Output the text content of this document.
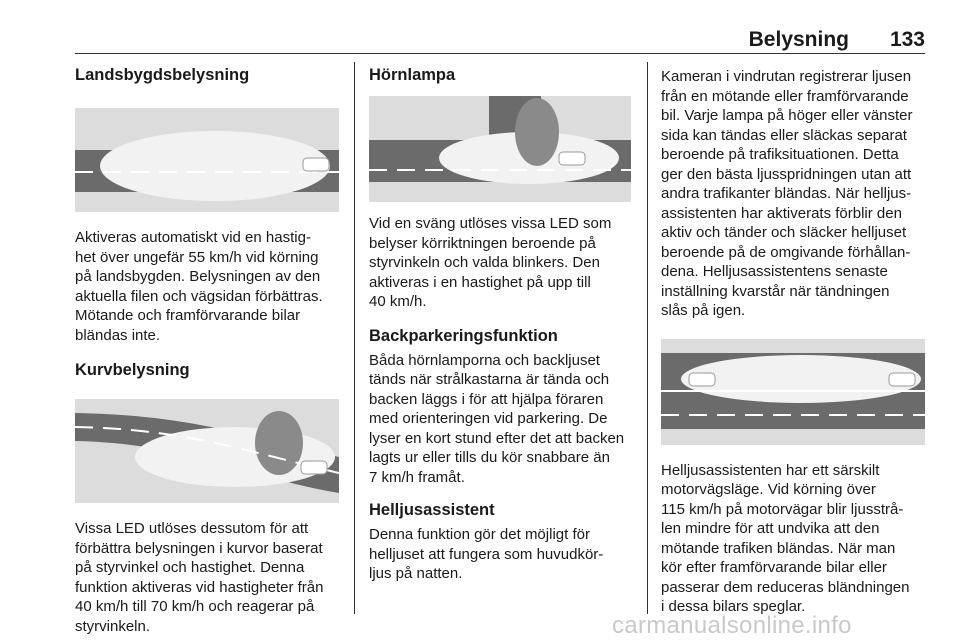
Belysning 133
Landsbygdsbelysning

Aktiveras automatiskt vid en hastig-
het över ungefär 55 km/h vid körning
på landsbygden. Belysningen av den
aktuella filen och vägsidan förbättras.
Mötande och framförvarande bilar
bländas inte.

Kurvbelysning

Vissa LED utlöses dessutom för att
förbättra belysningen i kurvor baserat
på styrvinkel och hastighet. Denna
funktion aktiveras vid hastigheter från
40 km/h till 70 km/h och reagerar på
styrvinkeln.

Hörnlampa

Vid en sväng utlöses vissa LED som
belyser körriktningen beroende på
styrvinkeln och valda blinkers. Den
aktiveras i en hastighet på upp till
40 km/h.

Backparkeringsfunktion

Båda hörnlamporna och backljuset
tänds när strålkastarna är tända och
backen läggs i för att hjälpa föraren
med orienteringen vid parkering. De
lyser en kort stund efter det att backen
lagts ur eller tills du kör snabbare än
7 km/h framåt.

Helljusassistent

Denna funktion gör det möjligt för
helljuset att fungera som huvudkör-
ljus på natten.

Kameran i vindrutan registrerar ljusen
från en mötande eller framförvarande
bil. Varje lampa på höger eller vänster
sida kan tändas eller släckas separat
beroende på trafiksituationen. Detta
ger den bästa ljusspridningen utan att
andra trafikanter bländas. När helljus-
assistenten har aktiverats förblir den
aktiv och tänder och släcker helljuset
beroende på de omgivande förhållan-
dena. Helljusassistentens senaste
inställning kvarstår när tändningen
slås på igen.

Helljusassistenten har ett särskilt
motorvägsläge. Vid körning över
115 km/h på motorvägar blir ljusstrå-
len mindre för att undvika att den
mötande trafiken bländas. När man
kör efter framförvarande bilar eller
passerar dem reduceras bländningen
i dessa bilars speglar.

carmanualsonline.info
